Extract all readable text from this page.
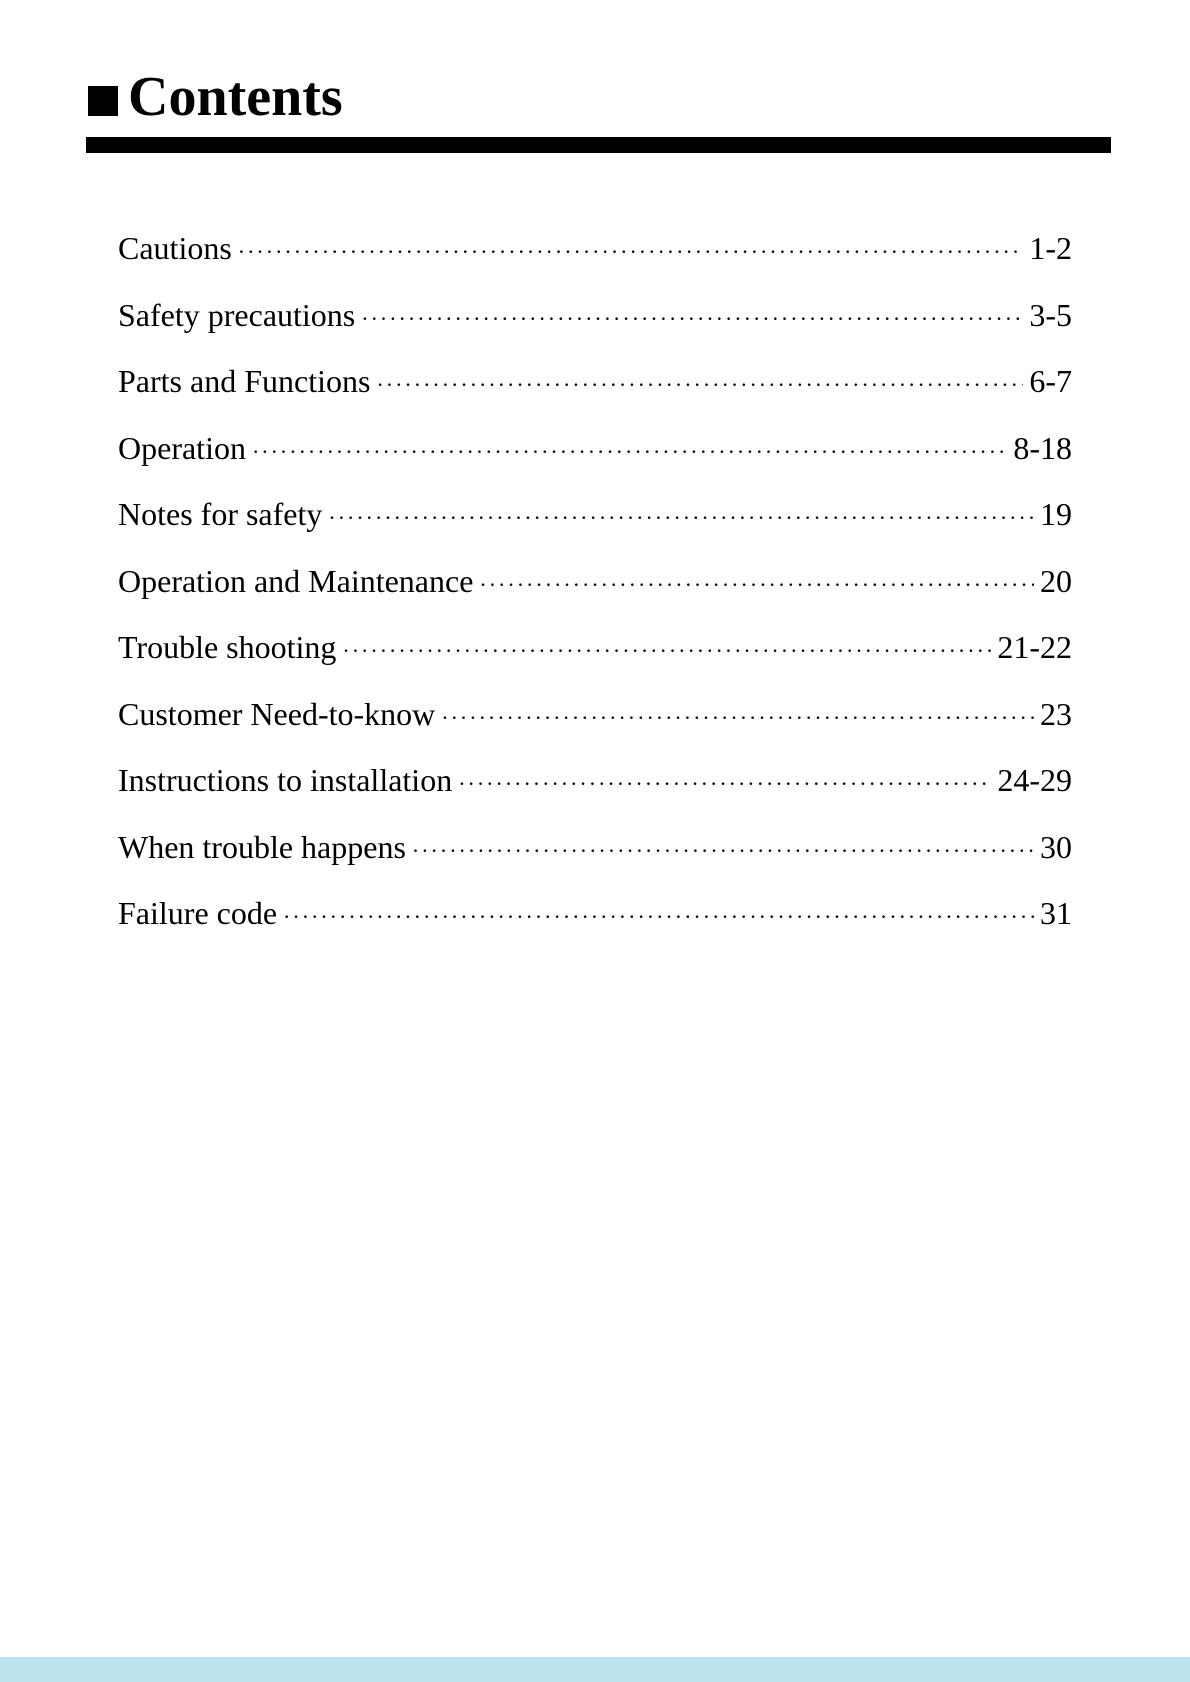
Contents
Cautions ·····	1-2
Safety precautions ·····	3-5
Parts and Functions ·····	6-7
Operation ·····	8-18
Notes for safety ·····	19
Operation and Maintenance ·····	20
Trouble shooting ·····	21-22
Customer Need-to-know ·····	23
Instructions to installation ·····	24-29
When trouble happens ·····	30
Failure code ·····	31
